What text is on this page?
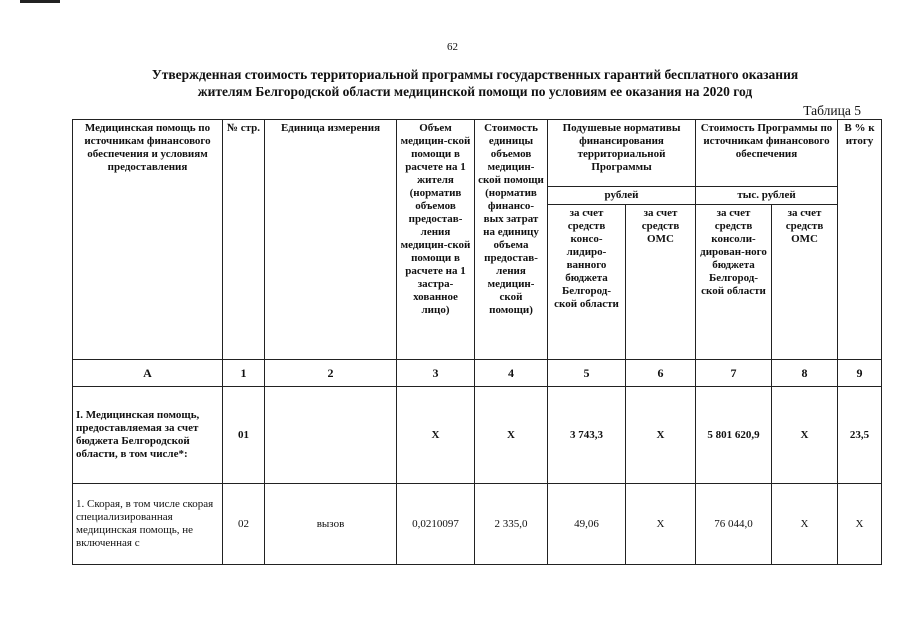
62
Утвержденная стоимость территориальной программы государственных гарантий бесплатного оказания
жителям Белгородской области медицинской помощи по условиям ее оказания на 2020 год
Таблица 5
Медицинская помощь по источникам финансового обеспечения и условиям предоставления	№ стр.	Единица измерения	Объем медицин-ской помощи в расчете на 1 жителя (норматив объемов предостав-ления медицин-ской помощи в расчете на 1 застра-хованное лицо)	Стоимость единицы объемов медицин-ской помощи (норматив финансо-вых затрат на единицу объема предостав-ления медицин-ской помощи)	Подушевые нормативы финансирования территориальной Программы		Стоимость Программы по источникам финансового обеспечения		В % к итогу
					рублей		тыс. рублей		
					за счет средств консо-лидиро-ванного бюджета Белгород-ской области	за счет средств ОМС	за счет средств консоли-дирован-ного бюджета Белгород-ской области	за счет средств ОМС	
А	1	2	3	4	5	6	7	8	9
I. Медицинская помощь, предоставляемая за счет бюджета Белгородской области, в том числе*:	01		Х	Х	3 743,3	Х	5 801 620,9	Х	23,5
1. Скорая, в том числе скорая специализированная медицинская помощь, не включенная с	02	вызов	0,0210097	2 335,0	49,06	Х	76 044,0	Х	Х
